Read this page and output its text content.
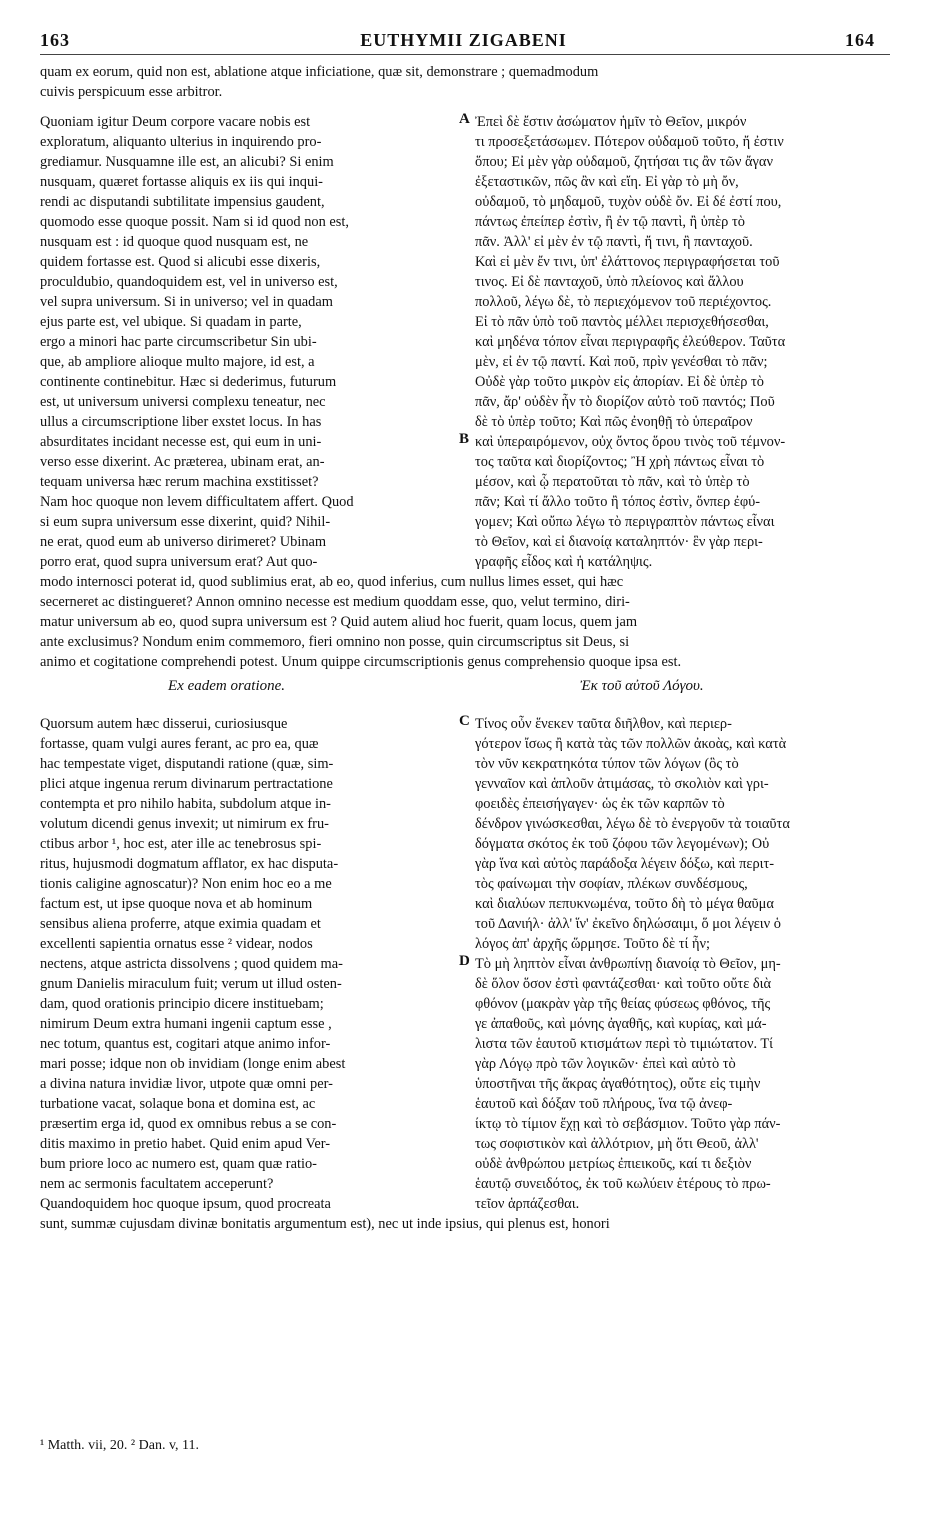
163	EUTHYMII ZIGABENI	164
quam ex eorum, quid non est, ablatione atque inficiatione, quæ sit, demonstrare ; quemadmodum
cuivis perspicuum esse arbitror.
Quoniam igitur Deum corpore vacare nobis est
exploratum, aliquanto ulterius in inquirendo pro-
grediamur. Nusquamne ille est, an alicubi? Si enim
nusquam, quæret fortasse aliquis ex iis qui inqui-
rendi ac disputandi subtilitate impensius gaudent,
quomodo esse quoque possit. Nam si id quod non est,
nusquam est : id quoque quod nusquam est, ne
quidem fortasse est. Quod si alicubi esse dixeris,
proculdubio, quandoquidem est, vel in universo est,
vel supra universum. Si in universo; vel in quadam
ejus parte est, vel ubique. Si quadam in parte,
ergo a minori hac parte circumscribetur Sin ubi-
que, ab ampliore alioque multo majore, id est, a
continente continebitur. Hæc si dederimus, futurum
est, ut universum universi complexu teneatur, nec
ullus a circumscriptione liber exstet locus. In has
absurditates incidant necesse est, qui eum in uni-
verso esse dixerint. Ac præterea, ubinam erat, an-
tequam universa hæc rerum machina exstitisset?
Nam hoc quoque non levem difficultatem affert. Quod
si eum supra universum esse dixerint, quid? Nihil-
ne erat, quod eum ab universo dirimeret? Ubinam
porro erat, quod supra universum erat? Aut quo-
Ἐπεὶ δὲ ἔστιν ἀσώματον ἡμῖν τὸ Θεῖον, μικρόν
τι προσεξετάσωμεν. Πότερον οὐδαμοῦ τοῦτο, ἤ ἐστιν
ὅπου; Εἰ μὲν γὰρ οὐδαμοῦ, ζητήσαι τις ἂν τῶν ἄγαν
ἐξεταστικῶν, πῶς ἂν καὶ εἴη. Εἰ γὰρ τὸ μὴ ὄν,
οὐδαμοῦ, τὸ μηδαμοῦ, τυχὸν οὐδὲ ὄν. Εἰ δέ ἐστί που,
πάντως ἐπείπερ ἐστὶν, ἢ ἐν τῷ παντὶ, ἢ ὑπὲρ τὸ
πᾶν. Ἀλλ' εἰ μὲν ἐν τῷ παντὶ, ἤ τινι, ἢ πανταχοῦ.
Καὶ εἰ μὲν ἔν τινι, ὑπ' ἐλάττονος περιγραφήσεται τοῦ
τινος. Εἰ δὲ πανταχοῦ, ὑπὸ πλείονος καὶ ἄλλου
πολλοῦ, λέγω δὲ, τὸ περιεχόμενον τοῦ περιέχοντος.
Εἰ τὸ πᾶν ὑπὸ τοῦ παντὸς μέλλει περισχεθήσεσθαι,
καὶ μηδένα τόπον εἶναι περιγραφῆς ἐλεύθερον. Ταῦτα
μὲν, εἰ ἐν τῷ παντί. Καὶ ποῦ, πρὶν γενέσθαι τὸ πᾶν;
Οὐδὲ γὰρ τοῦτο μικρὸν εἰς ἀπορίαν. Εἰ δὲ ὑπὲρ τὸ
πᾶν, ἄρ' οὐδὲν ἦν τὸ διορίζον αὐτὸ τοῦ παντός; Ποῦ
δὲ τὸ ὑπὲρ τοῦτο; Καὶ πῶς ἐνοηθῇ τὸ ὑπεραῖρον
καὶ ὑπεραιρόμενον, οὐχ ὄντος ὅρου τινὸς τοῦ τέμνον-
τος ταῦτα καὶ διορίζοντος; Ἢ χρὴ πάντως εἶναι τὸ
μέσον, καὶ ᾧ περατοῦται τὸ πᾶν, καὶ τὸ ὑπὲρ τὸ
πᾶν; Καὶ τί ἄλλο τοῦτο ἢ τόπος ἐστὶν, ὅνπερ ἐφύ-
γομεν; Καὶ οὔπω λέγω τὸ περιγραπτὸν πάντως εἶναι
τὸ Θεῖον, καὶ εἰ διανοίᾳ καταληπτόν· ἓν γὰρ περι-
γραφῆς εἶδος καὶ ἡ κατάληψις.
A
B
modo internosci poterat id, quod sublimius erat, ab eo, quod inferius, cum nullus limes esset, qui hæc
secerneret ac distingueret? Annon omnino necesse est medium quoddam esse, quo, velut termino, diri-
matur universum ab eo, quod supra universum est ? Quid autem aliud hoc fuerit, quam locus, quem jam
ante exclusimus? Nondum enim commemoro, fieri omnino non posse, quin circumscriptus sit Deus, si
animo et cogitatione comprehendi potest. Unum quippe circumscriptionis genus comprehensio quoque ipsa est.
Ex eadem oratione.	Ἐκ τοῦ αὐτοῦ Λόγου.
Quorsum autem hæc disserui, curiosiusque
fortasse, quam vulgi aures ferant, ac pro ea, quæ
hac tempestate viget, disputandi ratione (quæ, sim-
plici atque ingenua rerum divinarum pertractatione
contempta et pro nihilo habita, subdolum atque in-
volutum dicendi genus invexit; ut nimirum ex fru-
ctibus arbor ¹, hoc est, ater ille ac tenebrosus spi-
ritus, hujusmodi dogmatum afflator, ex hac disputa-
tionis caligine agnoscatur)? Non enim hoc eo a me
factum est, ut ipse quoque nova et ab hominum
sensibus aliena proferre, atque eximia quadam et
excellenti sapientia ornatus esse ² videar, nodos
nectens, atque astricta dissolvens ; quod quidem ma-
gnum Danielis miraculum fuit; verum ut illud osten-
dam, quod orationis principio dicere instituebam;
nimirum Deum extra humani ingenii captum esse ,
nec totum, quantus est, cogitari atque animo infor-
mari posse; idque non ob invidiam (longe enim abest
a divina natura invidiæ livor, utpote quæ omni per-
turbatione vacat, solaque bona et domina est, ac
præsertim erga id, quod ex omnibus rebus a se con-
ditis maximo in pretio habet. Quid enim apud Ver-
bum priore loco ac numero est, quam quæ ratio-
nem ac sermonis facultatem acceperunt?
Quandoquidem hoc quoque ipsum, quod procreata
sunt, summæ cujusdam divinæ bonitatis argumentum est), nec ut inde ipsius, qui plenus est, honori
Τίνος οὖν ἕνεκεν ταῦτα διῆλθον, καὶ περιερ-
γότερον ἴσως ἢ κατὰ τὰς τῶν πολλῶν ἀκοὰς, καὶ κατὰ
τὸν νῦν κεκρατηκότα τύπον τῶν λόγων (ὃς τὸ
γενναῖον καὶ ἁπλοῦν ἀτιμάσας, τὸ σκολιὸν καὶ γρι-
φοειδὲς ἐπεισήγαγεν· ὡς ἐκ τῶν καρπῶν τὸ
δένδρον γινώσκεσθαι, λέγω δὲ τὸ ἐνεργοῦν τὰ τοιαῦτα
δόγματα σκότος ἐκ τοῦ ζόφου τῶν λεγομένων); Οὐ
γὰρ ἵνα καὶ αὐτὸς παράδοξα λέγειν δόξω, καὶ περιτ-
τὸς φαίνωμαι τὴν σοφίαν, πλέκων συνδέσμους,
καὶ διαλύων πεπυκνωμένα, τοῦτο δὴ τὸ μέγα θαῦμα
τοῦ Δανιήλ· ἀλλ' ἵν' ἐκεῖνο δηλώσαιμι, ὅ μοι λέγειν ὁ
λόγος ἀπ' ἀρχῆς ὥρμησε. Τοῦτο δὲ τί ἦν;
Τὸ μὴ ληπτὸν εἶναι ἀνθρωπίνῃ διανοίᾳ τὸ Θεῖον, μη-
δὲ ὅλον ὅσον ἐστὶ φαντάζεσθαι· καὶ τοῦτο οὔτε διὰ
φθόνον (μακρὰν γὰρ τῆς θείας φύσεως φθόνος, τῆς
γε ἀπαθοῦς, καὶ μόνης ἀγαθῆς, καὶ κυρίας, καὶ μά-
λιστα τῶν ἑαυτοῦ κτισμάτων περὶ τὸ τιμιώτατον. Τί
γὰρ Λόγῳ πρὸ τῶν λογικῶν· ἐπεὶ καὶ αὐτὸ τὸ
ὑποστῆναι τῆς ἄκρας ἀγαθότητος), οὔτε εἰς τιμὴν
ἑαυτοῦ καὶ δόξαν τοῦ πλήρους, ἵνα τῷ ἀνεφ-
ίκτῳ τὸ τίμιον ἔχῃ καὶ τὸ σεβάσμιον. Τοῦτο γὰρ πάν-
τως σοφιστικὸν καὶ ἀλλότριον, μὴ ὅτι Θεοῦ, ἀλλ'
οὐδὲ ἀνθρώπου μετρίως ἐπιεικοῦς, καί τι δεξιὸν
ἑαυτῷ συνειδότος, ἐκ τοῦ κωλύειν ἑτέρους τὸ πρω-
τεῖον ἁρπάζεσθαι.
C
D
¹ Matth. vii, 20. ² Dan. v, 11.
